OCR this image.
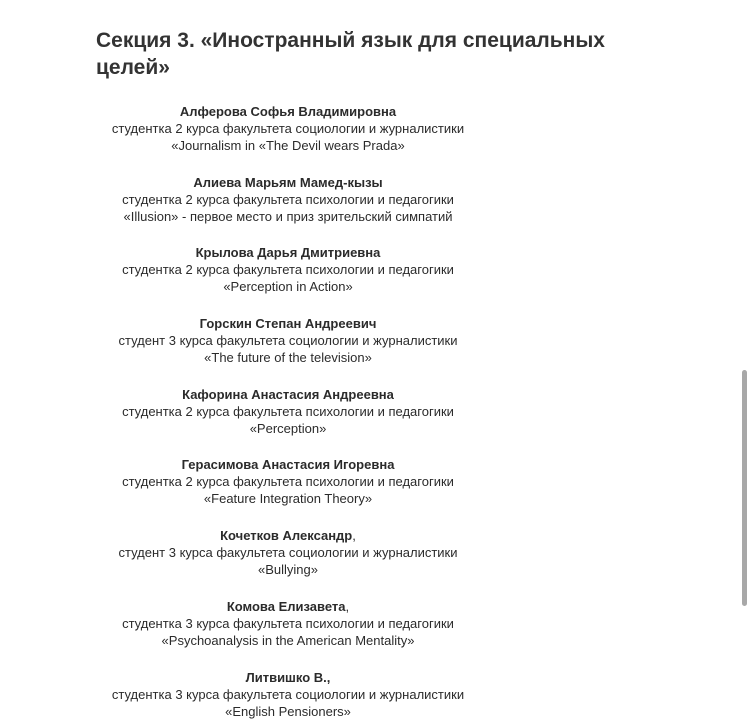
Секция 3. «Иностранный язык для специальных целей»
Алферова Софья Владимировна
студентка 2 курса факультета социологии и журналистики
«Journalism in «The Devil wears Prada»
Алиева Марьям Мамед-кызы
студентка 2 курса факультета психологии и педагогики
«Illusion» - первое место и приз зрительский симпатий
Крылова Дарья Дмитриевна
студентка 2 курса факультета психологии и педагогики
«Perception in Action»
Горскин Степан Андреевич
студент 3 курса факультета социологии и журналистики
«The future of the television»
Кафорина Анастасия Андреевна
студентка 2 курса факультета психологии и педагогики
«Perception»
Герасимова Анастасия Игоревна
студентка 2 курса факультета психологии и педагогики
«Feature Integration Theory»
Кочетков Александр,
студент 3 курса факультета социологии и журналистики
«Bullying»
Комова Елизавета,
студентка 3 курса факультета психологии и педагогики
«Psychoanalysis in the American Mentality»
Литвишко В.,
студентка 3 курса факультета социологии и журналистики
«English Pensioners»
